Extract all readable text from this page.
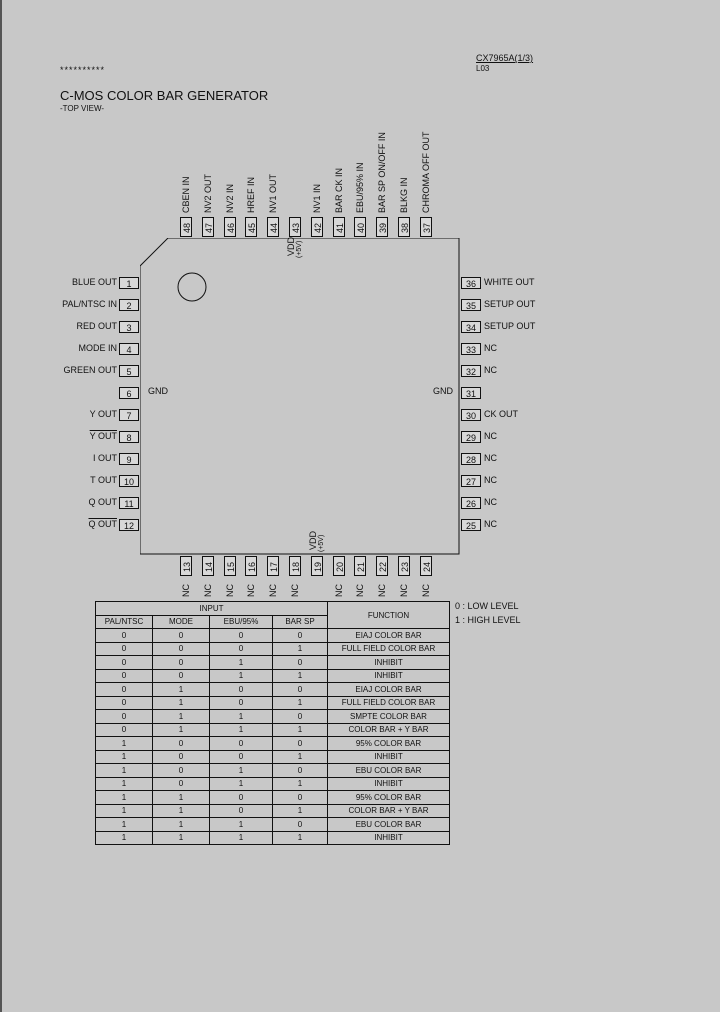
CX7965A(1/3)
L03
**********
C-MOS COLOR BAR GENERATOR
-TOP VIEW-
GND	GND
VDD (+5V)
VDD (+5V)
1
BLUE OUT
2
PAL/NTSC IN
3
RED OUT
4
MODE IN
5
GREEN OUT
6
7
Y OUT
8
Y OUT
9
I OUT
10
T OUT
11
Q OUT
12
Q OUT
36 WHITE OUT
35 SETUP OUT
34 SETUP OUT
33 NC
32 NC
31
30 CK OUT
29 NC
28 NC
27 NC
26 NC
25 NC
48
CBEN IN
47
NV2 OUT
46
NV2 IN
45
HREF IN
44
NV1 OUT
43 42
NV1 IN
41
BAR CK IN
40
EBU/95% IN
39
BAR SP ON/OFF IN
38
BLKG IN
37
CHROMA OFF OUT
13
NC
14
NC
15
NC
16
NC
17
NC
18
NC
19 20
NC
21
NC
22
NC
23
NC
24
NC
INPUT				FUNCTION
PAL/NTSC	MODE	EBU/95%	BAR SP	
0	0	0	0	EIAJ COLOR BAR
0	0	0	1	FULL FIELD COLOR BAR
0	0	1	0	INHIBIT
0	0	1	1	INHIBIT
0	1	0	0	EIAJ COLOR BAR
0	1	0	1	FULL FIELD COLOR BAR
0	1	1	0	SMPTE COLOR BAR
0	1	1	1	COLOR BAR + Y BAR
1	0	0	0	95% COLOR BAR
1	0	0	1	INHIBIT
1	0	1	0	EBU COLOR BAR
1	0	1	1	INHIBIT
1	1	0	0	95% COLOR BAR
1	1	0	1	COLOR BAR + Y BAR
1	1	1	0	EBU COLOR BAR
1	1	1	1	INHIBIT
0 : LOW LEVEL
1 : HIGH LEVEL
